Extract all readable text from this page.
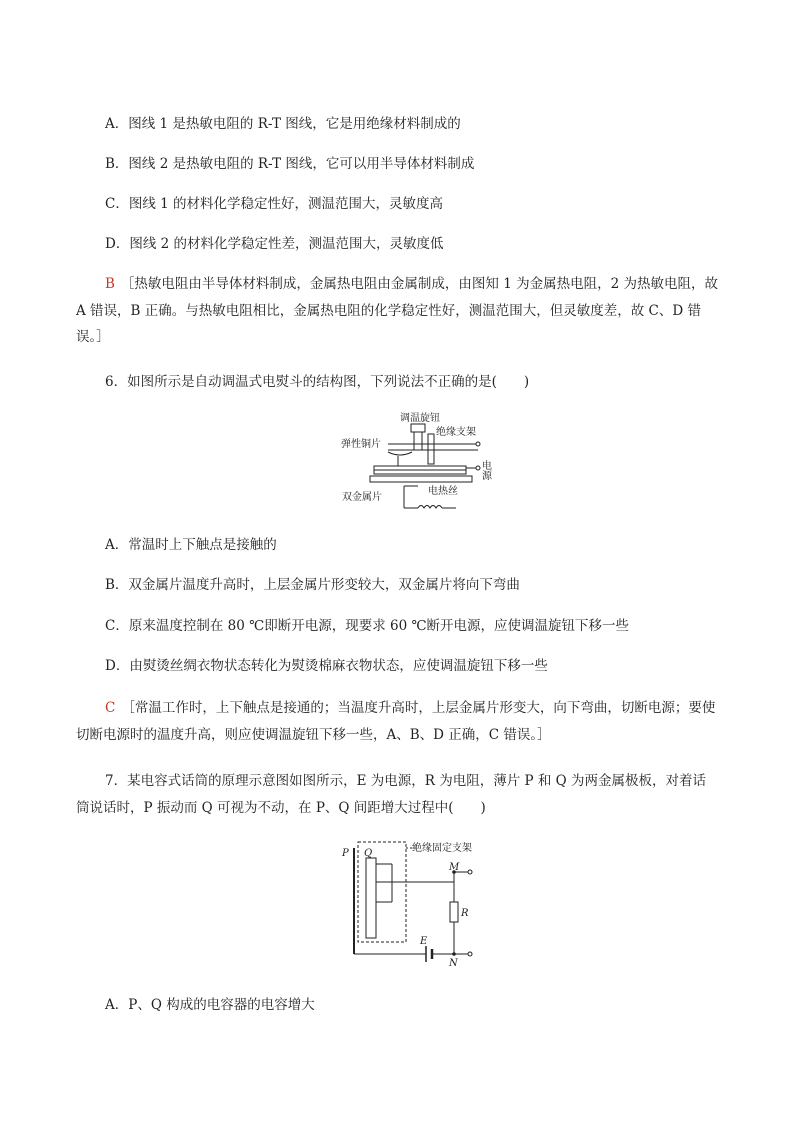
A．图线 1 是热敏电阻的 R-T 图线，它是用绝缘材料制成的
B．图线 2 是热敏电阻的 R-T 图线，它可以用半导体材料制成
C．图线 1 的材料化学稳定性好，测温范围大，灵敏度高
D．图线 2 的材料化学稳定性差，测温范围大，灵敏度低
B ［热敏电阻由半导体材料制成，金属热电阻由金属制成，由图知 1 为金属热电阻，2 为热敏电阻，故 A 错误，B 正确。与热敏电阻相比，金属热电阻的化学稳定性好，测温范围大，但灵敏度差，故 C、D 错误。］
6．如图所示是自动调温式电熨斗的结构图，下列说法不正确的是(　　)
调温旋钮
绝缘支架
弹性铜片
双金属片
电热丝
电源
A．常温时上下触点是接触的
B．双金属片温度升高时，上层金属片形变较大，双金属片将向下弯曲
C．原来温度控制在 80 ℃即断开电源，现要求 60 ℃断开电源，应使调温旋钮下移一些
D．由熨烫丝绸衣物状态转化为熨烫棉麻衣物状态，应使调温旋钮下移一些
C ［常温工作时，上下触点是接通的；当温度升高时，上层金属片形变大，向下弯曲，切断电源；要使切断电源时的温度升高，则应使调温旋钮下移一些，A、B、D 正确，C 错误。］
7．某电容式话筒的原理示意图如图所示，E 为电源，R 为电阻，薄片 P 和 Q 为两金属极板，对着话筒说话时，P 振动而 Q 可视为不动，在 P、Q 间距增大过程中(　　)
P Q	绝缘固定支架
M
R
E
N
A．P、Q 构成的电容器的电容增大
